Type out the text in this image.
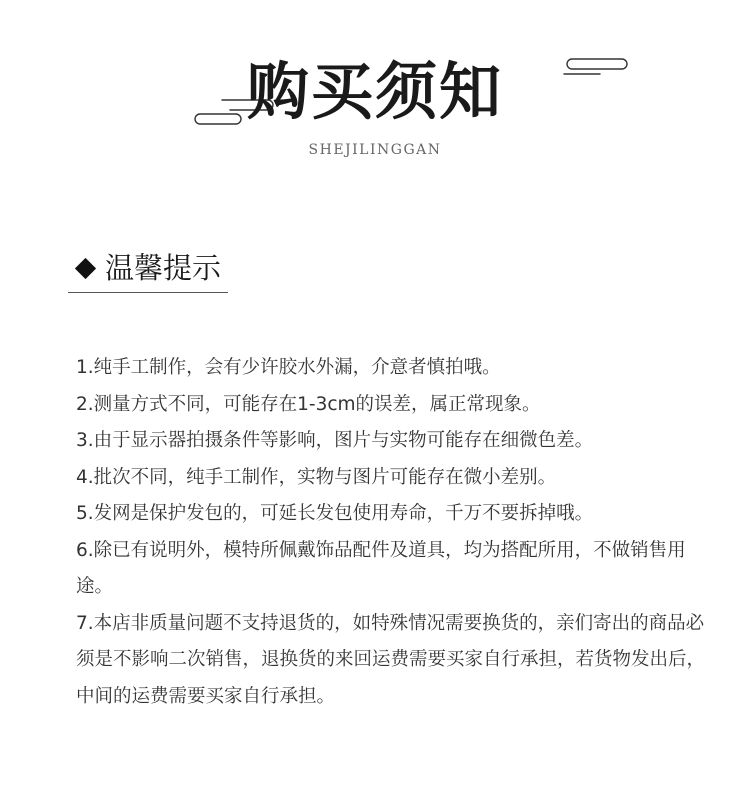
购买须知
SHEJILINGGAN
温馨提示
1.纯手工制作，会有少许胶水外漏，介意者慎拍哦。
2.测量方式不同，可能存在1-3cm的误差，属正常现象。
3.由于显示器拍摄条件等影响，图片与实物可能存在细微色差。
4.批次不同，纯手工制作，实物与图片可能存在微小差别。
5.发网是保护发包的，可延长发包使用寿命，千万不要拆掉哦。
6.除已有说明外，模特所佩戴饰品配件及道具，均为搭配所用，不做销售用途。
7.本店非质量问题不支持退货的，如特殊情况需要换货的，亲们寄出的商品必须是不影响二次销售，退换货的来回运费需要买家自行承担，若货物发出后，中间的运费需要买家自行承担。
